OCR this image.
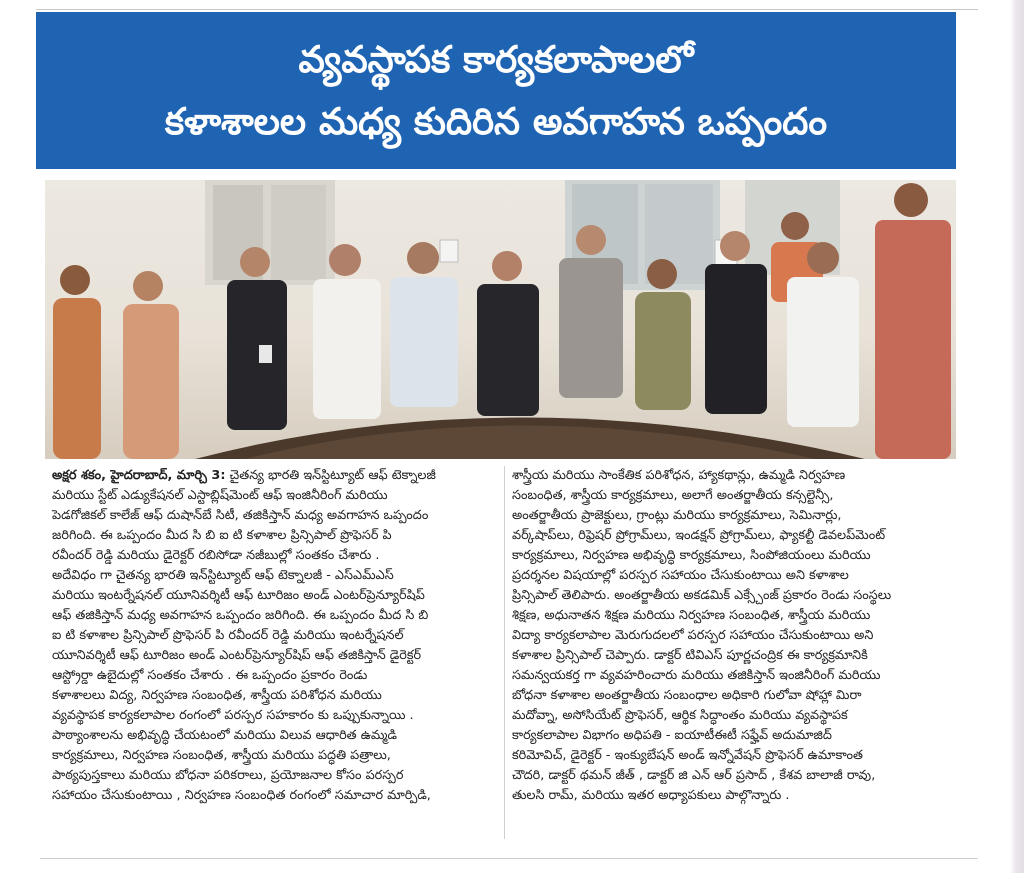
వ్యవస్థాపక కార్యకలాపాలలో
కళాశాలల మధ్య కుదిరిన అవగాహన ఒప్పందం
అక్షర శకం, హైదరాబాద్, మార్చి 3: చైతన్య భారతి ఇన్‌స్టిట్యూట్ ఆఫ్ టెక్నాలజీ
మరియు స్టేట్ ఎడ్యుకేషనల్ ఎస్టాబ్లిష్‌మెంట్ ఆఫ్ ఇంజినీరింగ్ మరియు
పెడగోజికల్ కాలేజ్ ఆఫ్ దుషాన్‌బే సిటీ, తజికిస్తాన్ మధ్య అవగాహన ఒప్పందం
జరిగింది. ఈ ఒప్పందం మీద సి బి ఐ టి కళాశాల ప్రిన్సిపాల్ ప్రొఫెసర్ పి
రవీందర్ రెడ్డి మరియు డైరెక్టర్ రబిసోడా నజీబుల్లో సంతకం చేశారు .
అదేవిధం గా చైతన్య భారతి ఇన్‌స్టిట్యూట్ ఆఫ్ టెక్నాలజీ - ఎస్ఎమ్ఎస్
మరియు ఇంటర్నేషనల్ యూనివర్శిటీ ఆఫ్ టూరిజం అండ్ ఎంటర్‌ప్రెన్యూర్‌షిప్
ఆఫ్ తజికిస్తాన్ మధ్య అవగాహన ఒప్పందం జరిగింది. ఈ ఒప్పందం మీద సి బి
ఐ టి కళాశాల ప్రిన్సిపాల్ ప్రొఫెసర్ పి రవీందర్ రెడ్డి మరియు ఇంటర్నేషనల్
యూనివర్శిటీ ఆఫ్ టూరిజం అండ్ ఎంటర్‌ప్రెన్యూర్‌షిప్ ఆఫ్ తజికిస్తాన్ డైరెక్టర్
ఆస్ట్రోర్డా ఉబైదుల్లో సంతకం చేశారు . ఈ ఒప్పందం ప్రకారం రెండు
కళాశాలలు విద్య, నిర్వహణ సంబంధిత, శాస్త్రీయ పరిశోధన మరియు
వ్యవస్థాపక కార్యకలాపాల రంగంలో పరస్పర సహకారం కు ఒప్పుకున్నాయి .
పాఠ్యాంశాలను అభివృద్ధి చేయటంలో మరియు విలువ ఆధారిత ఉమ్మడి
కార్యక్రమాలు, నిర్వహణ సంబంధిత, శాస్త్రీయ మరియు పద్ధతి పత్రాలు,
పాఠ్యపుస్తకాలు మరియు బోధనా పరికరాలు, ప్రయోజనాల కోసం పరస్పర
సహాయం చేసుకుంటాయి , నిర్వహణ సంబంధిత రంగంలో సమాచార మార్పిడి,
శాస్త్రీయ మరియు సాంకేతిక పరిశోధన, హ్యాకథాన్లు, ఉమ్మడి నిర్వహణ
సంబంధిత, శాస్త్రీయ కార్యక్రమాలు, అలాగే అంతర్జాతీయ కన్సల్టెన్సీ,
అంతర్జాతీయ ప్రాజెక్టులు, గ్రాంట్లు మరియు కార్యక్రమాలు, సెమినార్లు,
వర్క్‌షాప్‌లు, రిఫ్రెషర్ ప్రోగ్రామ్‌లు, ఇండక్షన్ ప్రోగ్రామ్‌లు, ఫ్యాకల్టీ డెవలప్‌మెంట్
కార్యక్రమాలు, నిర్వహణ అభివృద్ధి కార్యక్రమాలు, సింపోజియంలు మరియు
ప్రదర్శనల విషయాల్లో పరస్పర సహాయం చేసుకుంటాయి అని కళాశాల
ప్రిన్సిపాల్ తెలిపారు. అంతర్జాతీయ అకడమిక్ ఎక్స్చేంజ్ ప్రకారం రెండు సంస్థలు
శిక్షణ, అధునాతన శిక్షణ మరియు నిర్వహణ సంబంధిత, శాస్త్రీయ మరియు
విద్యా కార్యకలాపాల మెరుగుదలలో పరస్పర సహాయం చేసుకుంటాయి అని
కళాశాల ప్రిన్సిపాల్ చెప్పారు. డాక్టర్ టివిఎస్ పూర్ణచంద్రిక ఈ కార్యక్రమానికి
సమన్వయకర్త గా వ్యవహరించారు మరియు తజికిస్తాన్ ఇంజినీరింగ్ మరియు
బోధనా కళాశాల అంతర్జాతీయ సంబంధాల అధికారి గులోవా షోహ్లా మిరా
మదోవ్నా, అసోసియేట్ ప్రొఫెసర్, ఆర్థిక సిద్ధాంతం మరియు వ్యవస్థాపక
కార్యకలాపాల విభాగం అధిపతి - ఐయాటీఈటీ సఫ్హేవ్ అదుమాజిద్
కరిమోవిచ్, డైరెక్టర్ - ఇంక్యుబేషన్ అండ్ ఇన్నోవేషన్ ప్రొఫెసర్ ఉమాకాంత
చౌదరి, డాక్టర్ థమన్ జీత్ , డాక్టర్ జి ఎన్ ఆర్ ప్రసాద్ , కేశవ బాలాజీ రావు,
తులసి రామ్, మరియు ఇతర అధ్యాపకులు పాల్గొన్నారు .
